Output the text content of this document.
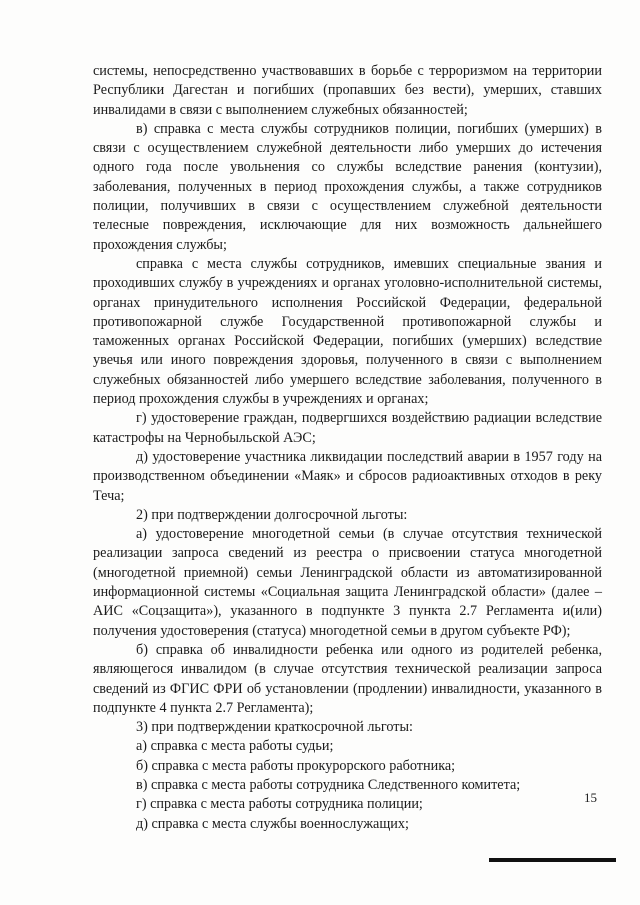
системы, непосредственно участвовавших в борьбе с терроризмом на территории Республики Дагестан и погибших (пропавших без вести), умерших, ставших инвалидами в связи с выполнением служебных обязанностей;

в) справка с места службы сотрудников полиции, погибших (умерших) в связи с осуществлением служебной деятельности либо умерших до истечения одного года после увольнения со службы вследствие ранения (контузии), заболевания, полученных в период прохождения службы, а также сотрудников полиции, получивших в связи с осуществлением служебной деятельности телесные повреждения, исключающие для них возможность дальнейшего прохождения службы;

справка с места службы сотрудников, имевших специальные звания и проходивших службу в учреждениях и органах уголовно-исполнительной системы, органах принудительного исполнения Российской Федерации, федеральной противопожарной службе Государственной противопожарной службы и таможенных органах Российской Федерации, погибших (умерших) вследствие увечья или иного повреждения здоровья, полученного в связи с выполнением служебных обязанностей либо умершего вследствие заболевания, полученного в период прохождения службы в учреждениях и органах;

г) удостоверение граждан, подвергшихся воздействию радиации вследствие катастрофы на Чернобыльской АЭС;

д) удостоверение участника ликвидации последствий аварии в 1957 году на производственном объединении «Маяк» и сбросов радиоактивных отходов в реку Теча;

2) при подтверждении долгосрочной льготы:

а) удостоверение многодетной семьи (в случае отсутствия технической реализации запроса сведений из реестра о присвоении статуса многодетной (многодетной приемной) семьи Ленинградской области из автоматизированной информационной системы «Социальная защита Ленинградской области» (далее – АИС «Соцзащита»), указанного в подпункте 3 пункта 2.7 Регламента и(или) получения удостоверения (статуса) многодетной семьи в другом субъекте РФ);

б) справка об инвалидности ребенка или одного из родителей ребенка, являющегося инвалидом (в случае отсутствия технической реализации запроса сведений из ФГИС ФРИ об установлении (продлении) инвалидности, указанного в подпункте 4 пункта 2.7 Регламента);

3) при подтверждении краткосрочной льготы:

а) справка с места работы судьи;

б) справка с места работы прокурорского работника;

в) справка с места работы сотрудника Следственного комитета;

г) справка с места работы сотрудника полиции;

д) справка с места службы военнослужащих;

15
